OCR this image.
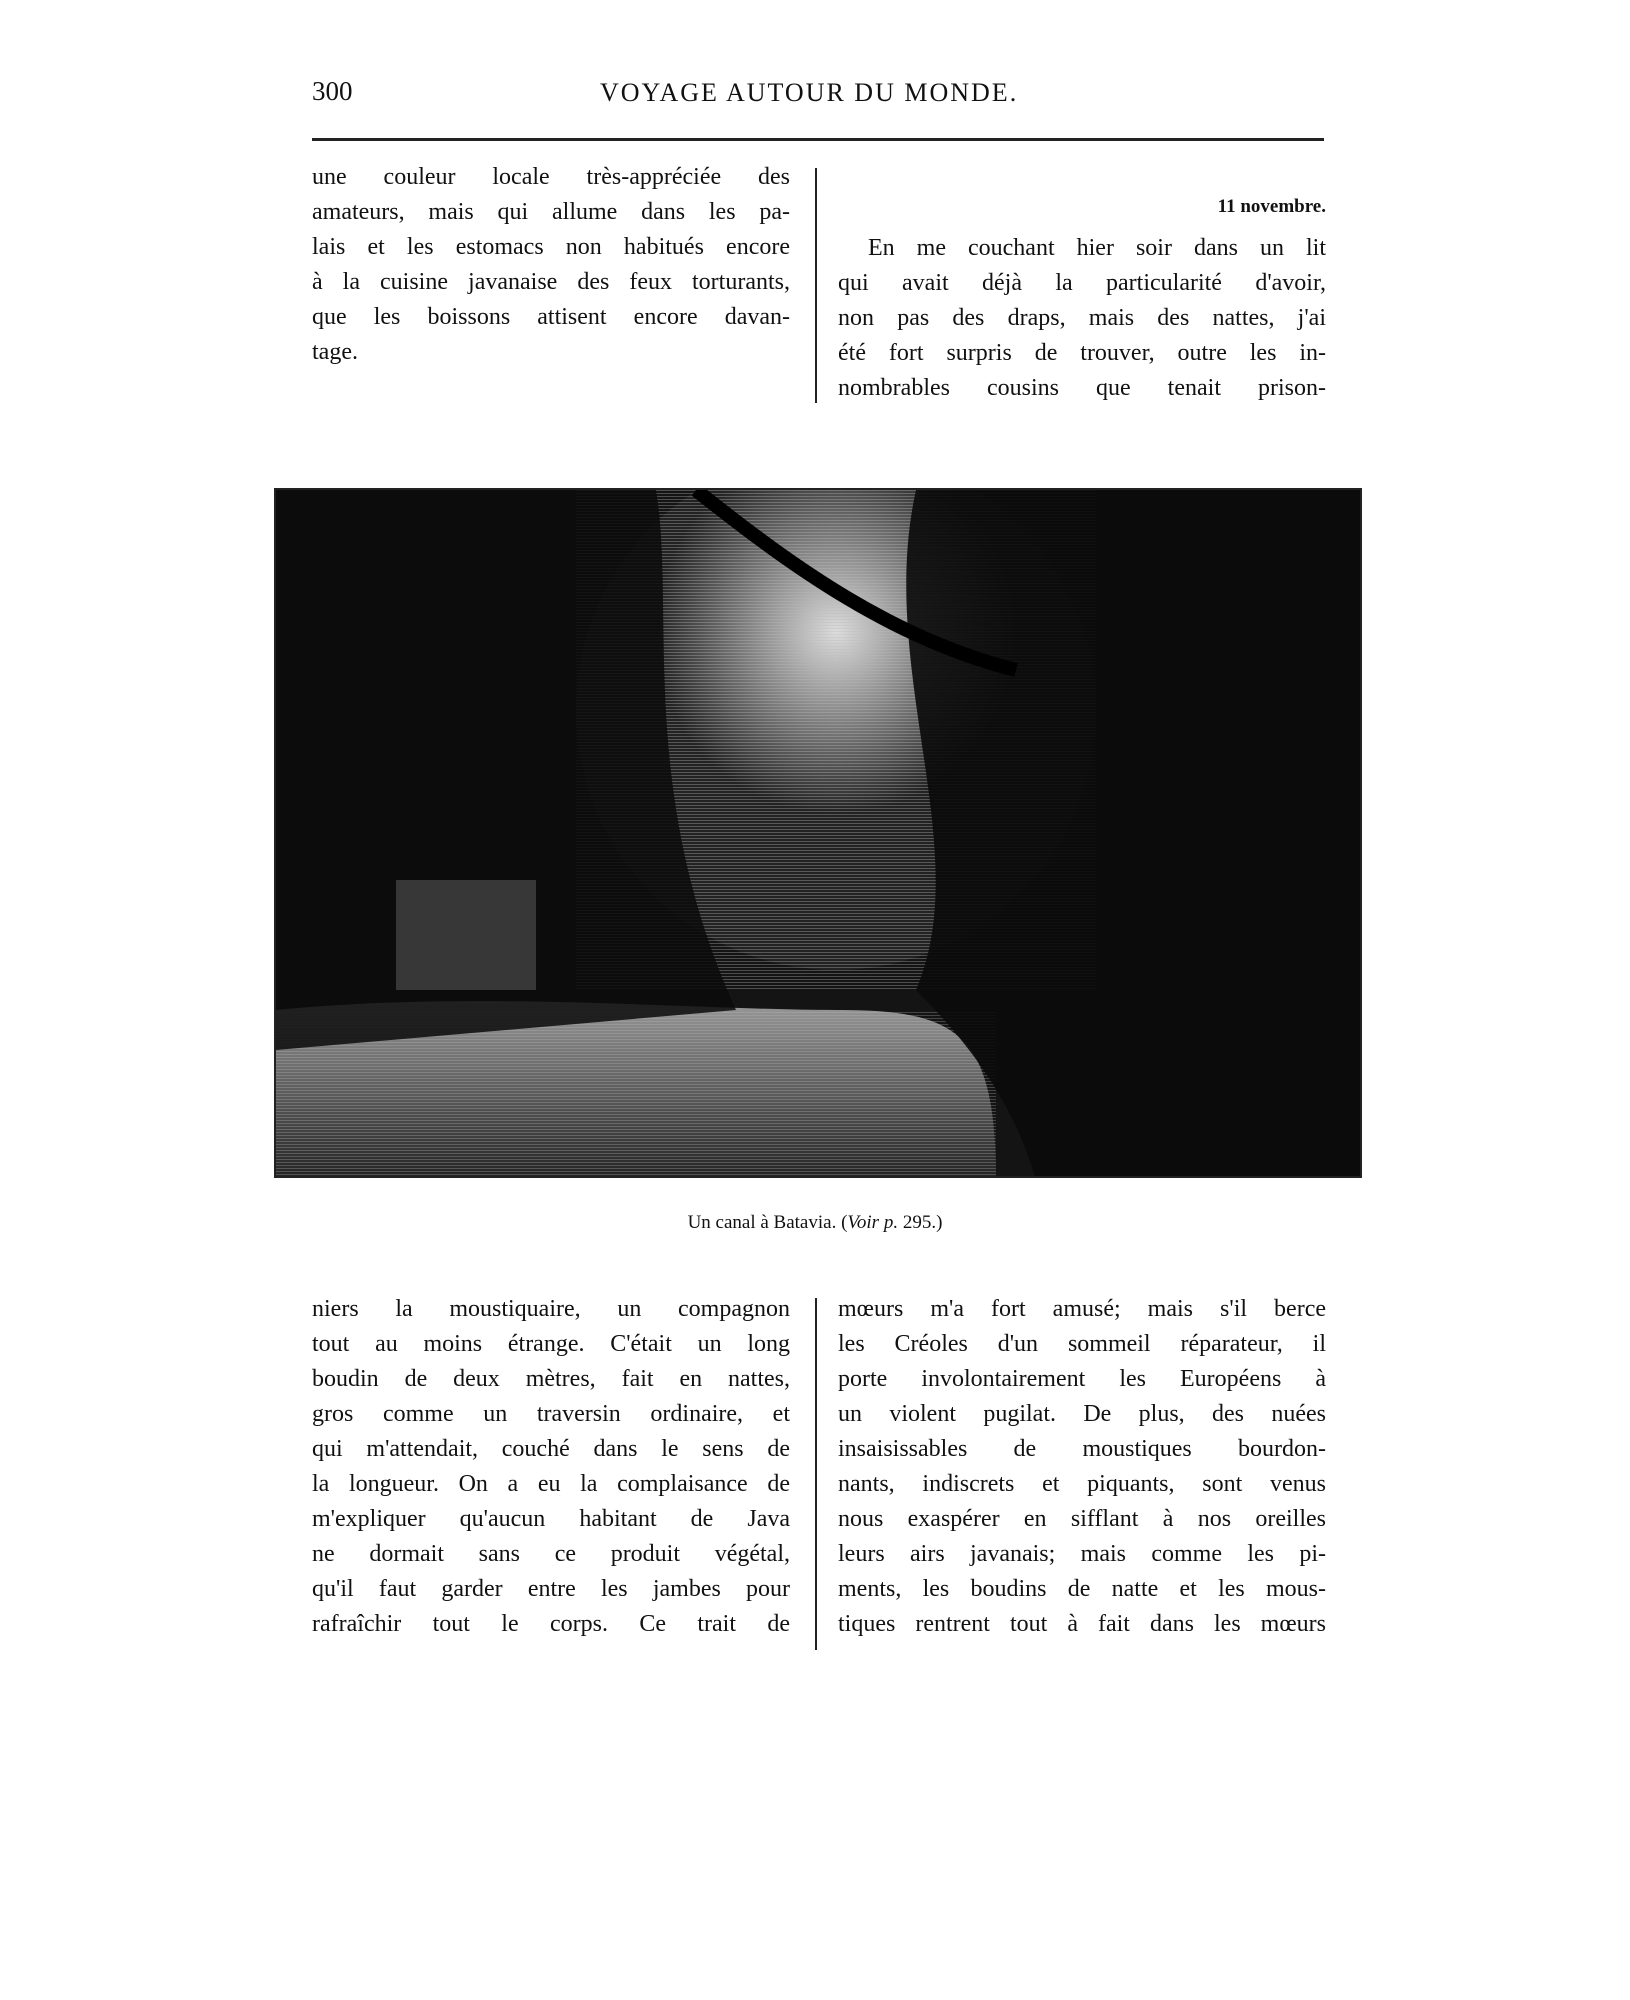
300	VOYAGE AUTOUR DU MONDE.
une couleur locale très-appréciée des
amateurs, mais qui allume dans les pa-
lais et les estomacs non habitués encore
à la cuisine javanaise des feux torturants,
que les boissons attisent encore davan-
tage.
11 novembre.
En me couchant hier soir dans un lit
qui avait déjà la particularité d'avoir,
non pas des draps, mais des nattes, j'ai
été fort surpris de trouver, outre les in-
nombrables cousins que tenait prison-
Un canal à Batavia. (Voir p. 295.)
niers la moustiquaire, un compagnon
tout au moins étrange. C'était un long
boudin de deux mètres, fait en nattes,
gros comme un traversin ordinaire, et
qui m'attendait, couché dans le sens de
la longueur. On a eu la complaisance de
m'expliquer qu'aucun habitant de Java
ne dormait sans ce produit végétal,
qu'il faut garder entre les jambes pour
rafraîchir tout le corps. Ce trait de
mœurs m'a fort amusé; mais s'il berce
les Créoles d'un sommeil réparateur, il
porte involontairement les Européens à
un violent pugilat. De plus, des nuées
insaisissables de moustiques bourdon-
nants, indiscrets et piquants, sont venus
nous exaspérer en sifflant à nos oreilles
leurs airs javanais; mais comme les pi-
ments, les boudins de natte et les mous-
tiques rentrent tout à fait dans les mœurs
